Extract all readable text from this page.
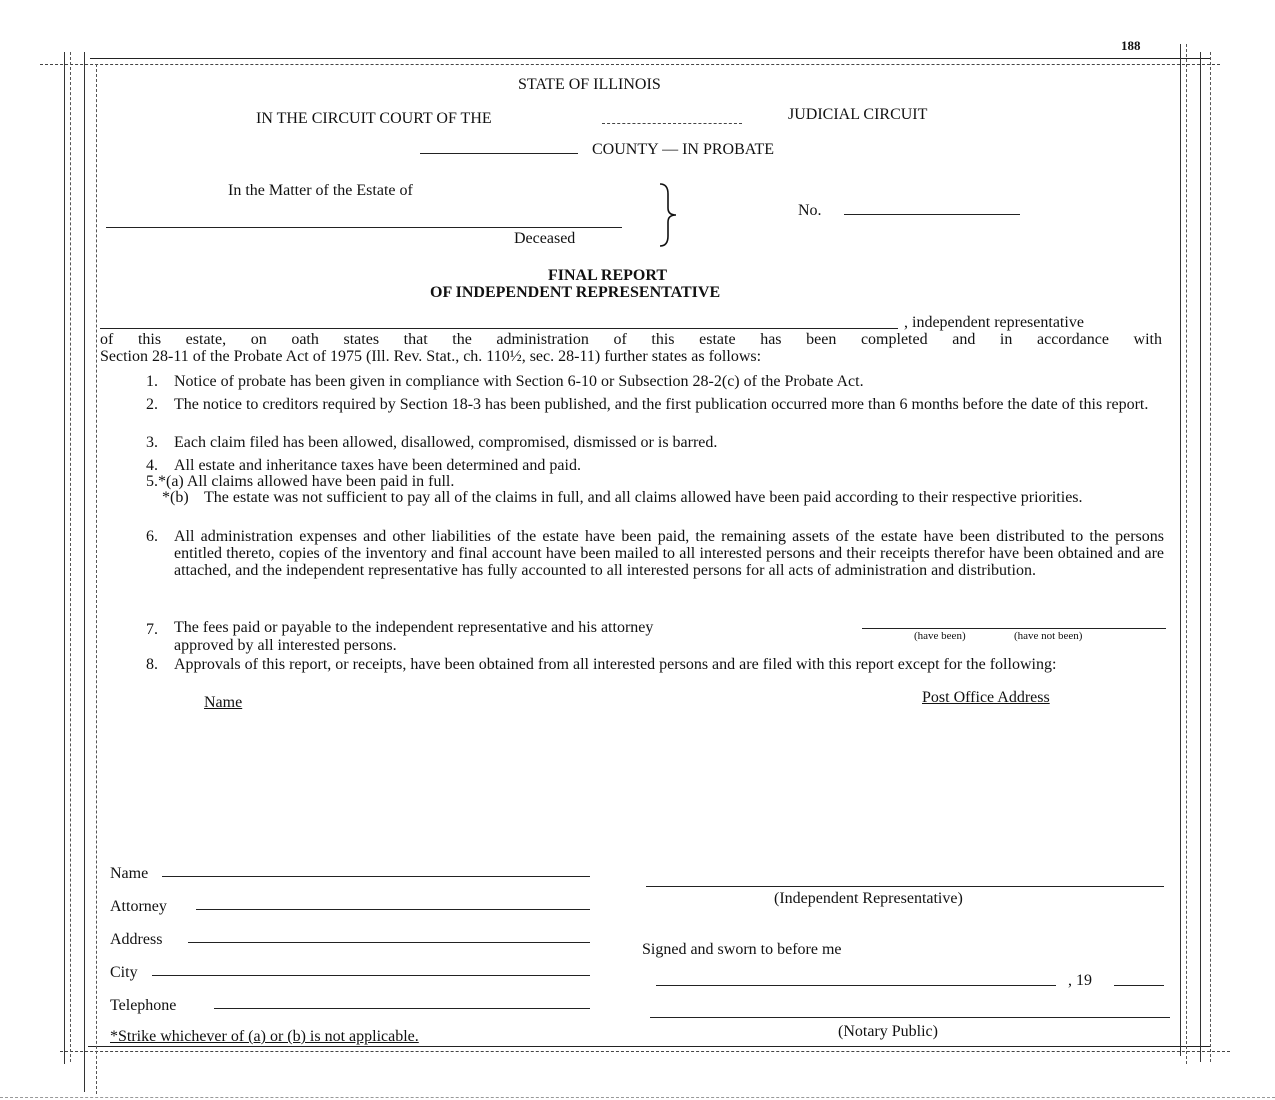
188
STATE OF ILLINOIS
IN THE CIRCUIT COURT OF THE	JUDICIAL CIRCUIT
COUNTY — IN PROBATE
In the Matter of the Estate of
Deceased
No.
FINAL REPORT
OF INDEPENDENT REPRESENTATIVE
, independent representative
of this estate, on oath states that the administration of this estate has been completed and in accordance with
Section 28-11 of the Probate Act of 1975 (Ill. Rev. Stat., ch. 110½, sec. 28-11) further states as follows:
1. Notice of probate has been given in compliance with Section 6-10 or Subsection 28-2(c) of the Probate Act.
2. The notice to creditors required by Section 18-3 has been published, and the first publication occurred more than 6 months before the date of this report.
3. Each claim filed has been allowed, disallowed, compromised, dismissed or is barred.
4. All estate and inheritance taxes have been determined and paid.
5.*(a) All claims allowed have been paid in full.
*(b) The estate was not sufficient to pay all of the claims in full, and all claims allowed have been paid according to their respective priorities.
6. All administration expenses and other liabilities of the estate have been paid, the remaining assets of the estate have been distributed to the persons entitled thereto, copies of the inventory and final account have been mailed to all interested persons and their receipts therefor have been obtained and are attached, and the independent representative has fully accounted to all interested persons for all acts of administration and distribution.
7. The fees paid or payable to the independent representative and his attorney	(have been)	(have not been)
approved by all interested persons.
8. Approvals of this report, or receipts, have been obtained from all interested persons and are filed with this report except for the following:
Name	Post Office Address
Name
Attorney
Address
City
Telephone
(Independent Representative)
Signed and sworn to before me
, 19
(Notary Public)
*Strike whichever of (a) or (b) is not applicable.
